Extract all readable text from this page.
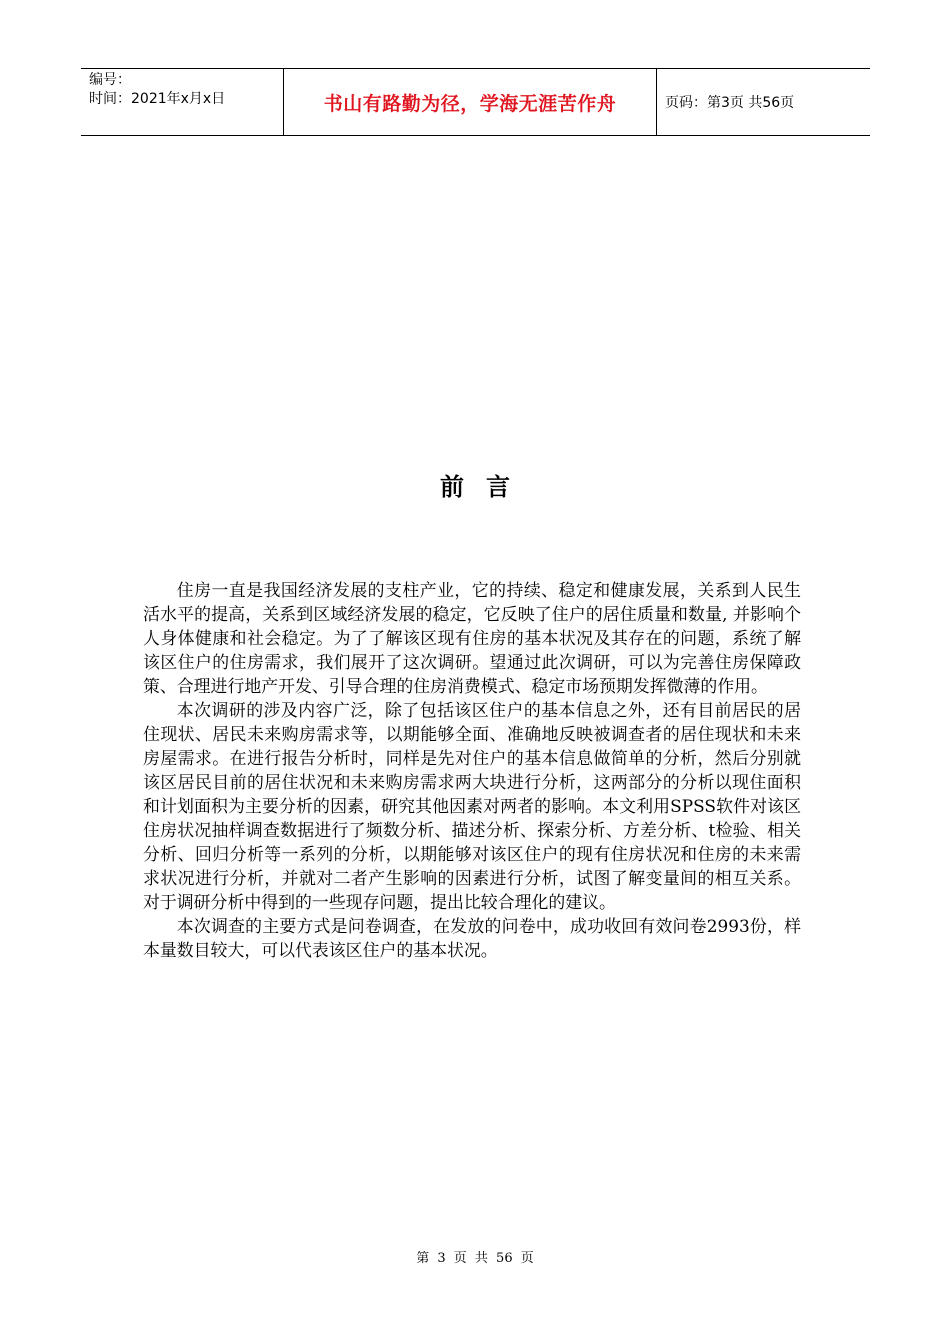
编号：
时间：2021年x月x日	书山有路勤为径，学海无涯苦作舟	页码：第3页 共56页
前言

住房一直是我国经济发展的支柱产业，它的持续、稳定和健康发展，关系到人民生活水平的提高，关系到区域经济发展的稳定，它反映了住户的居住质量和数量, 并影响个人身体健康和社会稳定。为了了解该区现有住房的基本状况及其存在的问题，系统了解该区住户的住房需求，我们展开了这次调研。望通过此次调研，可以为完善住房保障政策、合理进行地产开发、引导合理的住房消费模式、稳定市场预期发挥微薄的作用。

本次调研的涉及内容广泛，除了包括该区住户的基本信息之外，还有目前居民的居住现状、居民未来购房需求等，以期能够全面、准确地反映被调查者的居住现状和未来房屋需求。在进行报告分析时，同样是先对住户的基本信息做简单的分析，然后分别就该区居民目前的居住状况和未来购房需求两大块进行分析，这两部分的分析以现住面积和计划面积为主要分析的因素，研究其他因素对两者的影响。本文利用SPSS软件对该区住房状况抽样调查数据进行了频数分析、描述分析、探索分析、方差分析、t检验、相关分析、回归分析等一系列的分析，以期能够对该区住户的现有住房状况和住房的未来需求状况进行分析，并就对二者产生影响的因素进行分析，试图了解变量间的相互关系。对于调研分析中得到的一些现存问题，提出比较合理化的建议。

本次调查的主要方式是问卷调查，在发放的问卷中，成功收回有效问卷2993份，样本量数目较大，可以代表该区住户的基本状况。

第 3 页 共 56 页
